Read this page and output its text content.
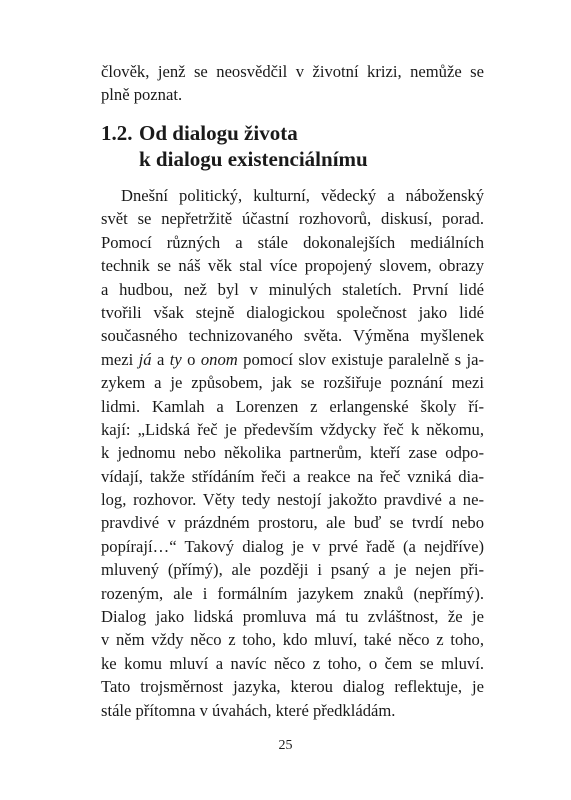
člověk, jenž se neosvědčil v životní krizi, nemůže se
plně poznat.
1.2. Od dialogu života
k dialogu existenciálnímu
Dnešní politický, kulturní, vědecký a náboženský
svět se nepřetržitě účastní rozhovorů, diskusí, porad.
Pomocí různých a stále dokonalejších mediálních
technik se náš věk stal více propojený slovem, obrazy
a hudbou, než byl v minulých staletích. První lidé
tvořili však stejně dialogickou společnost jako lidé
současného technizovaného světa. Výměna myšlenek
mezi já a ty o onom pomocí slov existuje paralelně s ja-
zykem a je způsobem, jak se rozšiřuje poznání mezi
lidmi. Kamlah a Lorenzen z erlangenské školy ří-
kají: „Lidská řeč je především vždycky řeč k někomu,
k jednomu nebo několika partnerům, kteří zase odpo-
vídají, takže střídáním řeči a reakce na řeč vzniká dia-
log, rozhovor. Věty tedy nestojí jakožto pravdivé a ne-
pravdivé v prázdném prostoru, ale buď se tvrdí nebo
popírají…“ Takový dialog je v prvé řadě (a nejdříve)
mluvený (přímý), ale později i psaný a je nejen při-
rozeným, ale i formálním jazykem znaků (nepřímý).
Dialog jako lidská promluva má tu zvláštnost, že je
v něm vždy něco z toho, kdo mluví, také něco z toho,
ke komu mluví a navíc něco z toho, o čem se mluví.
Tato trojsměrnost jazyka, kterou dialog reflektuje, je
stále přítomna v úvahách, které předkládám.
25
